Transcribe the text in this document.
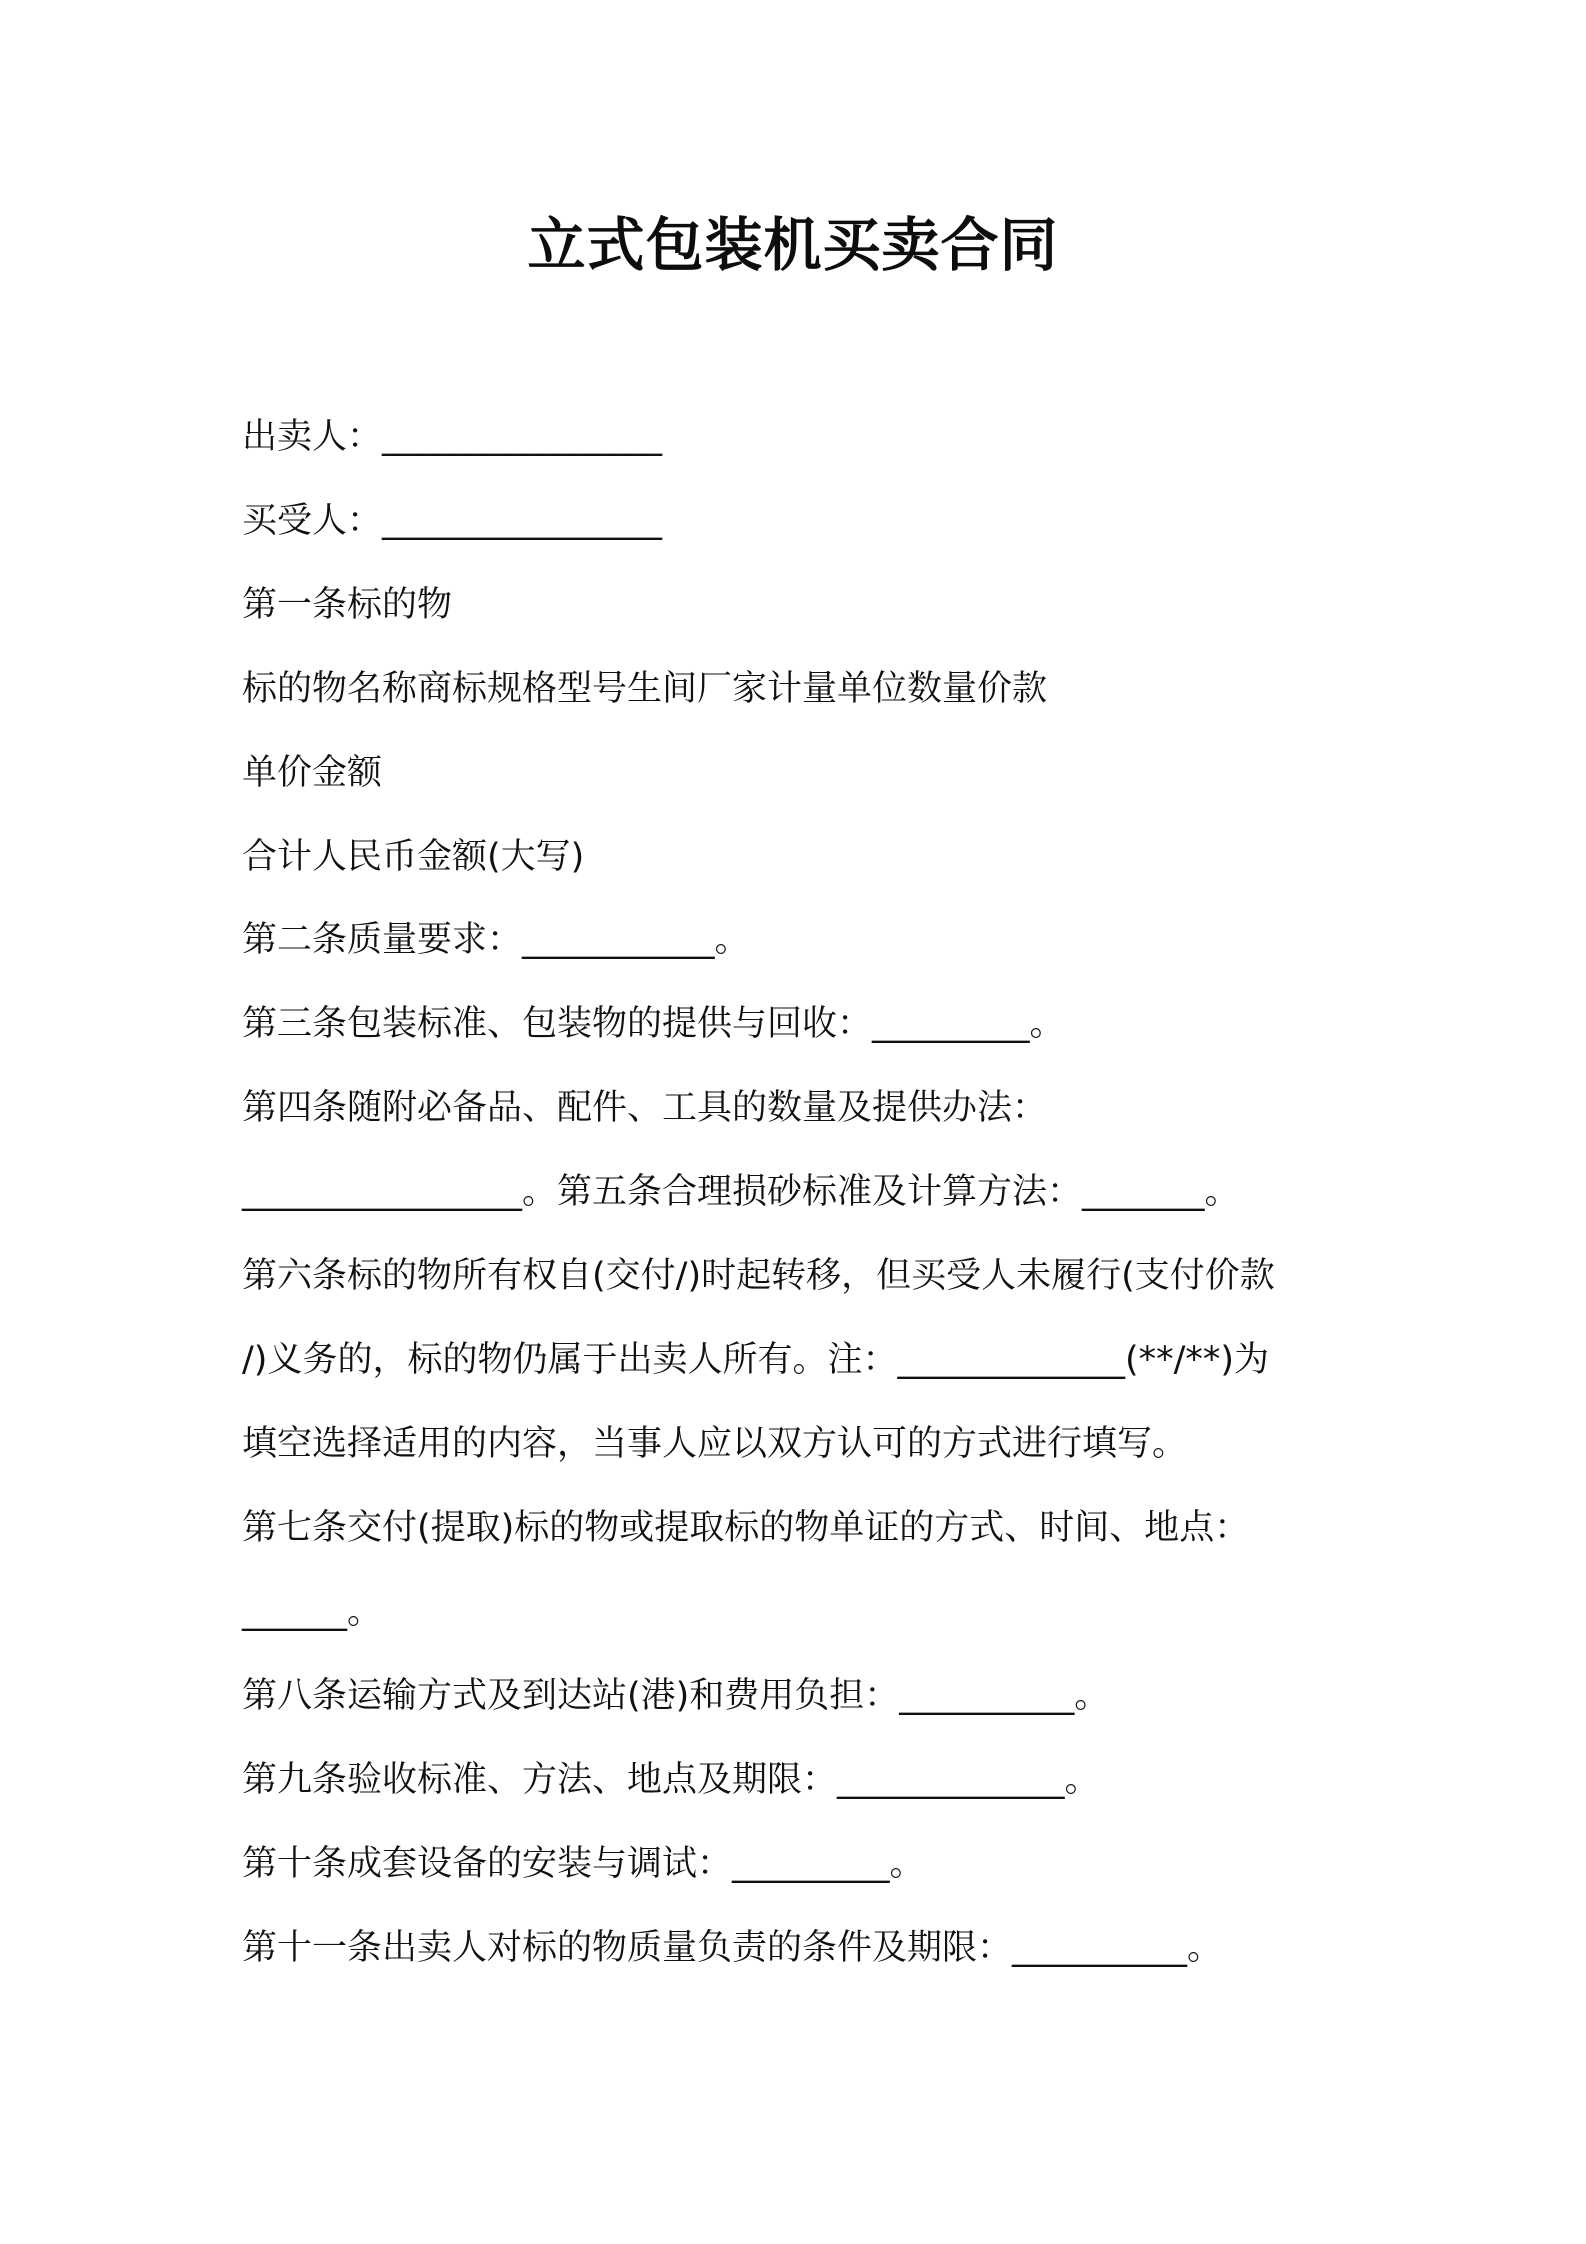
立式包装机买卖合同
出卖人：________________
买受人：________________
第一条标的物
标的物名称商标规格型号生间厂家计量单位数量价款
单价金额
合计人民币金额(大写)
第二条质量要求：___________。
第三条包装标准、包装物的提供与回收：_________。
第四条随附必备品、配件、工具的数量及提供办法：
________________。第五条合理损砂标准及计算方法：_______。
第六条标的物所有权自(交付/)时起转移，但买受人未履行(支付价款
/)义务的，标的物仍属于出卖人所有。注：_____________(**/**)为
填空选择适用的内容，当事人应以双方认可的方式进行填写。
第七条交付(提取)标的物或提取标的物单证的方式、时间、地点：
______。
第八条运输方式及到达站(港)和费用负担：__________。
第九条验收标准、方法、地点及期限：_____________。
第十条成套设备的安装与调试：_________。
第十一条出卖人对标的物质量负责的条件及期限：__________。
